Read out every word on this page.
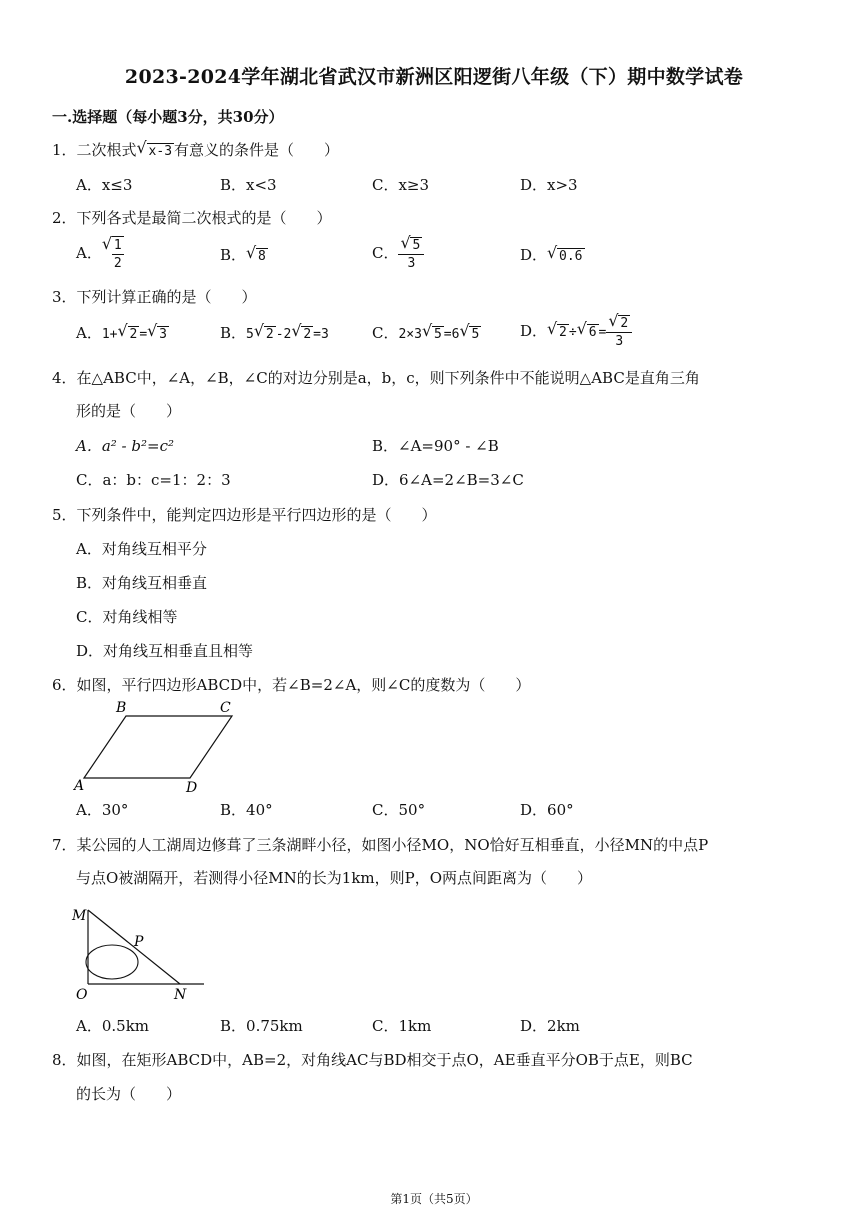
2023-2024学年湖北省武汉市新洲区阳逻街八年级（下）期中数学试卷
一.选择题（每小题3分，共30分）
1．二次根式 √ x-3 有意义的条件是（　　）
A．x≤3	B．x<3	C．x≥3	D．x>3
2．下列各式是最简二次根式的是（　　）
A． √ $\frac{1}{2}$	B． √ 8	C． √ $\frac{5}{3}$	D． √ 0.6
3．下列计算正确的是（　　）
A．1+ √ 2 = √ 3	B．5 √ 2 -2 √ 2 =3	C．2×3 √ 5 =6 √ 5	D． √ 2 ÷ √ 6 = √ $\frac{2}{3}$
4．在△ABC中，∠A，∠B，∠C的对边分别是a，b，c，则下列条件中不能说明△ABC是直角三角
形的是（　　）
A．a² - b²=c²	B．∠A=90° - ∠B
C．a：b：c=1：2：3	D．6∠A=2∠B=3∠C
5．下列条件中，能判定四边形是平行四边形的是（　　）
A．对角线互相平分
B．对角线互相垂直
C．对角线相等
D．对角线互相垂直且相等
6．如图，平行四边形ABCD中，若∠B=2∠A，则∠C的度数为（　　）
B	C
A	D
A．30°	B．40°	C．50°	D．60°
7．某公园的人工湖周边修葺了三条湖畔小径，如图小径MO，NO恰好互相垂直，小径MN的中点P
与点O被湖隔开，若测得小径MN的长为1km，则P，O两点间距离为（　　）
M
P
O	N
A．0.5km	B．0.75km	C．1km	D．2km
8．如图，在矩形ABCD中，AB=2，对角线AC与BD相交于点O，AE垂直平分OB于点E，则BC
的长为（　　）
第1页（共5页）
